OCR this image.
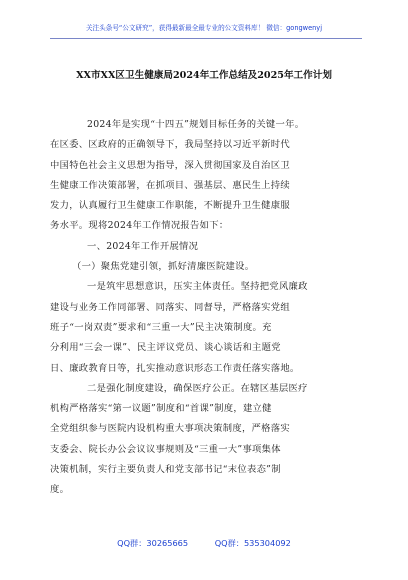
关注头条号“公文研究”，获得最新最全最专业的公文资料库！ 微信：gongwenyj
XX市XX区卫生健康局2024年工作总结及2025年工作计划
2024年是实现“十四五”规划目标任务的关键一年。
在区委、区政府的正确领导下，我局坚持以习近平新时代
中国特色社会主义思想为指导，深入贯彻国家及自治区卫
生健康工作决策部署，在抓项目、强基层、惠民生上持续
发力，认真履行卫生健康工作职能，不断提升卫生健康服
务水平。现将2024年工作情况报告如下：
一、2024年工作开展情况
（一）聚焦党建引领，抓好清廉医院建设。
一是筑牢思想意识，压实主体责任。坚持把党风廉政
建设与业务工作同部署、同落实、同督导，严格落实党组
班子“一岗双责”要求和“三重一大”民主决策制度。充
分利用“三会一课”、民主评议党员、谈心谈话和主题党
日、廉政教育日等，扎实推动意识形态工作责任落实落地。
二是强化制度建设，确保医疗公正。在辖区基层医疗
机构严格落实“第一议题”制度和“首课”制度，建立健
全党组织参与医院内设机构重大事项决策制度，严格落实
支委会、院长办公会议议事规则及“三重一大”事项集体
决策机制，实行主要负责人和党支部书记“末位表态”制
度。
QQ群：30265665	QQ群：535304092
